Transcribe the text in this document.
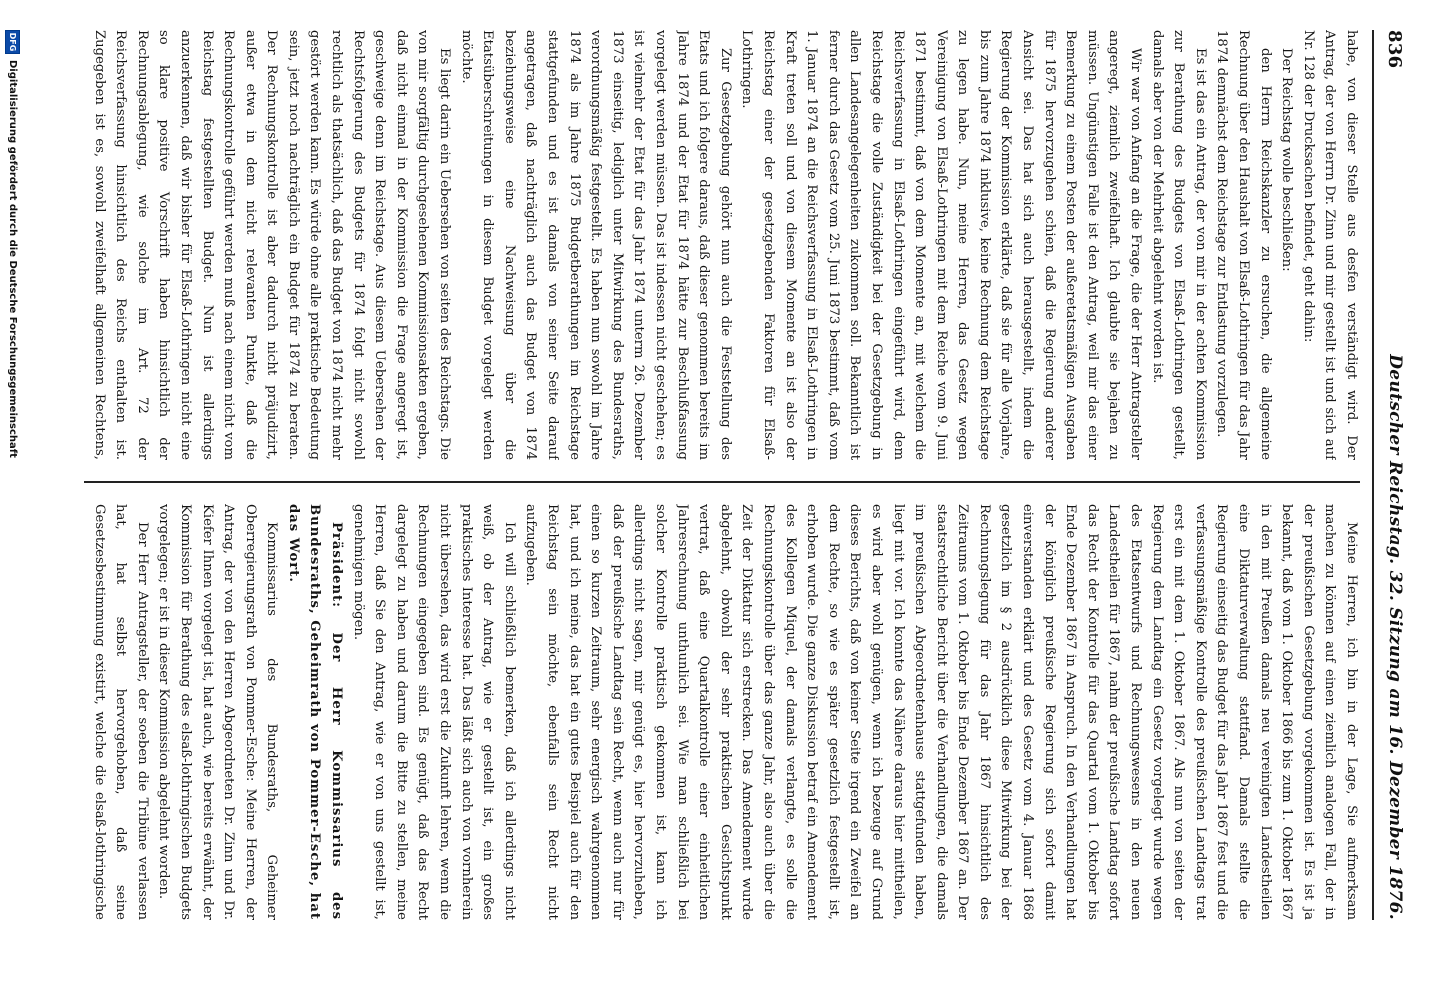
836
Deutscher Reichstag. 32. Sitzung am 16. Dezember 1876.

habe, von dieser Stelle aus desfen verständigt wird. Der Antrag, der von Herrn Dr. Zinn und mir gestellt ist und sich auf Nr. 128 der Drucksachen befindet, geht dahin:

Der Reichstag wolle beschließen:

den Herrn Reichskanzler zu ersuchen, die allgemeine Rechnung über den Haushalt von Elsaß-Lothringen für das Jahr 1874 demnächst dem Reichstage zur Entlastung vorzulegen.

Es ist das ein Antrag, der von mir in der achten Kommission zur Berathung des Budgets von Elsaß-Lothringen gestellt, damals aber von der Mehrheit abgelehnt worden ist.

Wir war von Anfang an die Frage, die der Herr Antragsteller angeregt, ziemlich zweifelhaft. Ich glaubte sie bejahen zu müssen. Ungünstigen Falle ist den Antrag, weil mir das einer Bemerkung zu einem Posten der außeretatsmäßigen Ausgaben für 1875 hervorzugehen schien, daß die Regierung anderer Ansicht sei. Das hat sich auch herausgestellt, indem die Regierung der Kommission erklärte, daß sie für alle Vorjahre, bis zum Jahre 1874 inklusive, keine Rechnung dem Reichstage zu legen habe. Nun, meine Herren, das Gesetz wegen Vereinigung von Elsaß-Lothringen mit dem Reiche vom 9. Juni 1871 bestimmt, daß von dem Momente an, mit welchem die Reichsverfassung in Elsaß-Lothringen eingeführt wird, dem Reichstage die volle Zuständigkeit bei der Gesetzgebung in allen Landesangelegenheiten zukommen soll. Bekanntlich ist ferner durch das Gesetz vom 25. Juni 1873 bestimmt, daß vom 1. Januar 1874 an die Reichsverfassung in Elsaß-Lothringen in Kraft treten soll und von diesem Momente an ist also der Reichstag einer der gesetzgebenden Faktoren für Elsaß-Lothringen.

Zur Gesetzgebung gehört nun auch die Feststellung des Etats und ich folgere daraus, daß dieser genommen bereits im Jahre 1874 und der Etat für 1874 hätte zur Beschlußfassung vorgelegt werden müssen. Das ist indessen nicht geschehen; es ist vielmehr der Etat für das Jahr 1874 unterm 26. Dezember 1873 einseitig, lediglich unter Mitwirkung des Bundesraths, verordnungsmäßig festgestellt. Es haben nun sowohl im Jahre 1874 als im Jahre 1875 Budgetberathungen im Reichstage stattgefunden und es ist damals von seiner Seite darauf angetragen, daß nachträglich auch das Budget von 1874 beziehungsweise eine Nachweisung über die Etatsüberschreitungen in diesem Budget vorgelegt werden möchte.

Es liegt darin ein Uebersehen von seiten des Reichstags. Die von mir sorgfältig durchgesehenen Kommissionsakten ergeben, daß nicht einmal in der Kommission die Frage angeregt ist, geschweige denn im Reichstage. Aus diesem Uebersehen der Rechtsfolgerung des Budgets für 1874 folgt nicht sowohl rechtlich als thatsächlich, daß das Budget von 1874 nicht mehr gestört werden kann. Es würde ohne alle praktische Bedeutung sein, jetzt noch nachträglich ein Budget für 1874 zu beraten. Der Rechnungskontrolle ist aber dadurch nicht präjudizirt, außer etwa in dem nicht relevanten Punkte, daß die Rechnungskontrolle geführt werden muß nach einem nicht vom Reichstag festgestellten Budget. Nun ist allerdings anzuerkennen, daß wir bisher für Elsaß-Lothringen nicht eine so klare positive Vorschrift haben hinsichtlich der Rechnungsablegung, wie solche im Art. 72 der Reichsverfassung hinsichtlich des Reichs enthalten ist. Zugegeben ist es, sowohl zweifelhaft allgemeinen Rechtens,

Meine Herren, ich bin in der Lage, Sie aufmerksam machen zu können auf einen ziemlich analogen Fall, der in der preußischen Gesetzgebung vorgekommen ist. Es ist ja bekannt, daß vom 1. Oktober 1866 bis zum 1. Oktober 1867 in den mit Preußen damals neu vereinigten Landestheilen eine Diktaturverwaltung stattfand. Damals stellte die Regierung einseitig das Budget für das Jahr 1867 fest und die verfassungsmäßige Kontrolle des preußischen Landtags trat erst ein mit dem 1. Oktober 1867. Als nun von seiten der Regierung dem Landtag ein Gesetz vorgelegt wurde wegen des Etatsentwurfs und Rechnungswesens in den neuen Landestheilen für 1867, nahm der preußische Landtag sofort das Recht der Kontrolle für das Quartal vom 1. Oktober bis Ende Dezember 1867 in Anspruch. In den Verhandlungen hat der königlich preußische Regierung sich sofort damit einverstanden erklärt und des Gesetz vom 4. Januar 1868 gesetzlich im § 2 ausdrücklich diese Mitwirkung bei der Rechnungslegung für das Jahr 1867 hinsichtlich des Zeitraums vom 1. Oktober bis Ende Dezember 1867 an. Der staatsrechtliche Bericht über die Verhandlungen, die damals im preußischen Abgeordnetenhause stattgefunden haben, liegt mit vor. Ich konnte das Nähere daraus hier mittheilen, es wird aber wohl genügen, wenn ich bezeuge auf Grund dieses Berichts, daß von keiner Seite irgend ein Zweifel an dem Rechte, so wie es später gesetzlich festgestellt ist, erhoben wurde. Die ganze Diskussion betraf ein Amendement des Kollegen Miquel, der damals verlangte, es solle die Rechnungskontrolle über das ganze Jahr, also auch über die Zeit der Diktatur sich erstrecken. Das Amendement wurde abgelehnt, obwohl der sehr praktischen Gesichtspunkt vertrat, daß eine Quartalkontrolle einer einheitlichen Jahresrechnung unthunlich sei. Wie man schließlich bei solcher Kontrolle praktisch gekommen ist, kann ich allerdings nicht sagen, mir genügt es, hier hervorzuheben, daß der preußische Landtag sein Recht, wenn auch nur für einen so kurzen Zeitraum, sehr energisch wahrgenommen hat, und ich meine, das hat ein gutes Beispiel auch für den Reichstag sein möchte, ebenfalls sein Recht nicht aufzugeben.

Ich will schließlich bemerken, daß ich allerdings nicht weiß, ob der Antrag, wie er gestellt ist, ein großes praktisches Interesse hat. Das läßt sich auch von vornherein nicht übersehen, das wird erst die Zukunft lehren, wenn die Rechnungen eingegeben sind. Es genügt, daß das Recht dargelegt zu haben und darum die Bitte zu stellen, meine Herren, daß Sie den Antrag, wie er von uns gestellt ist, genehmigen mögen.

Präsident: Der Herr Kommissarius des Bundesraths, Geheimrath von Pommer-Esche, hat das Wort.

Kommissarius des Bundesraths, Geheimer Oberregierungsrath von Pommer-Esche: Meine Herren, der Antrag, der von den Herren Abgeordneten Dr. Zinn und Dr. Kiefer Ihnen vorgelegt ist, hat auch, wie bereits erwähnt, der Kommission für Berathung des elsaß-lothringischen Budgets vorgelegen; er ist in dieser Kommission abgelehnt worden.

Der Herr Antragsteller, der soeben die Tribüne verlassen hat, hat selbst hervorgehoben, daß seine Gesetzesbestimmung existirt, welche die elsaß-lothringische

DFG
Digitalisierung gefördert durch die Deutsche Forschungsgemeinschaft
